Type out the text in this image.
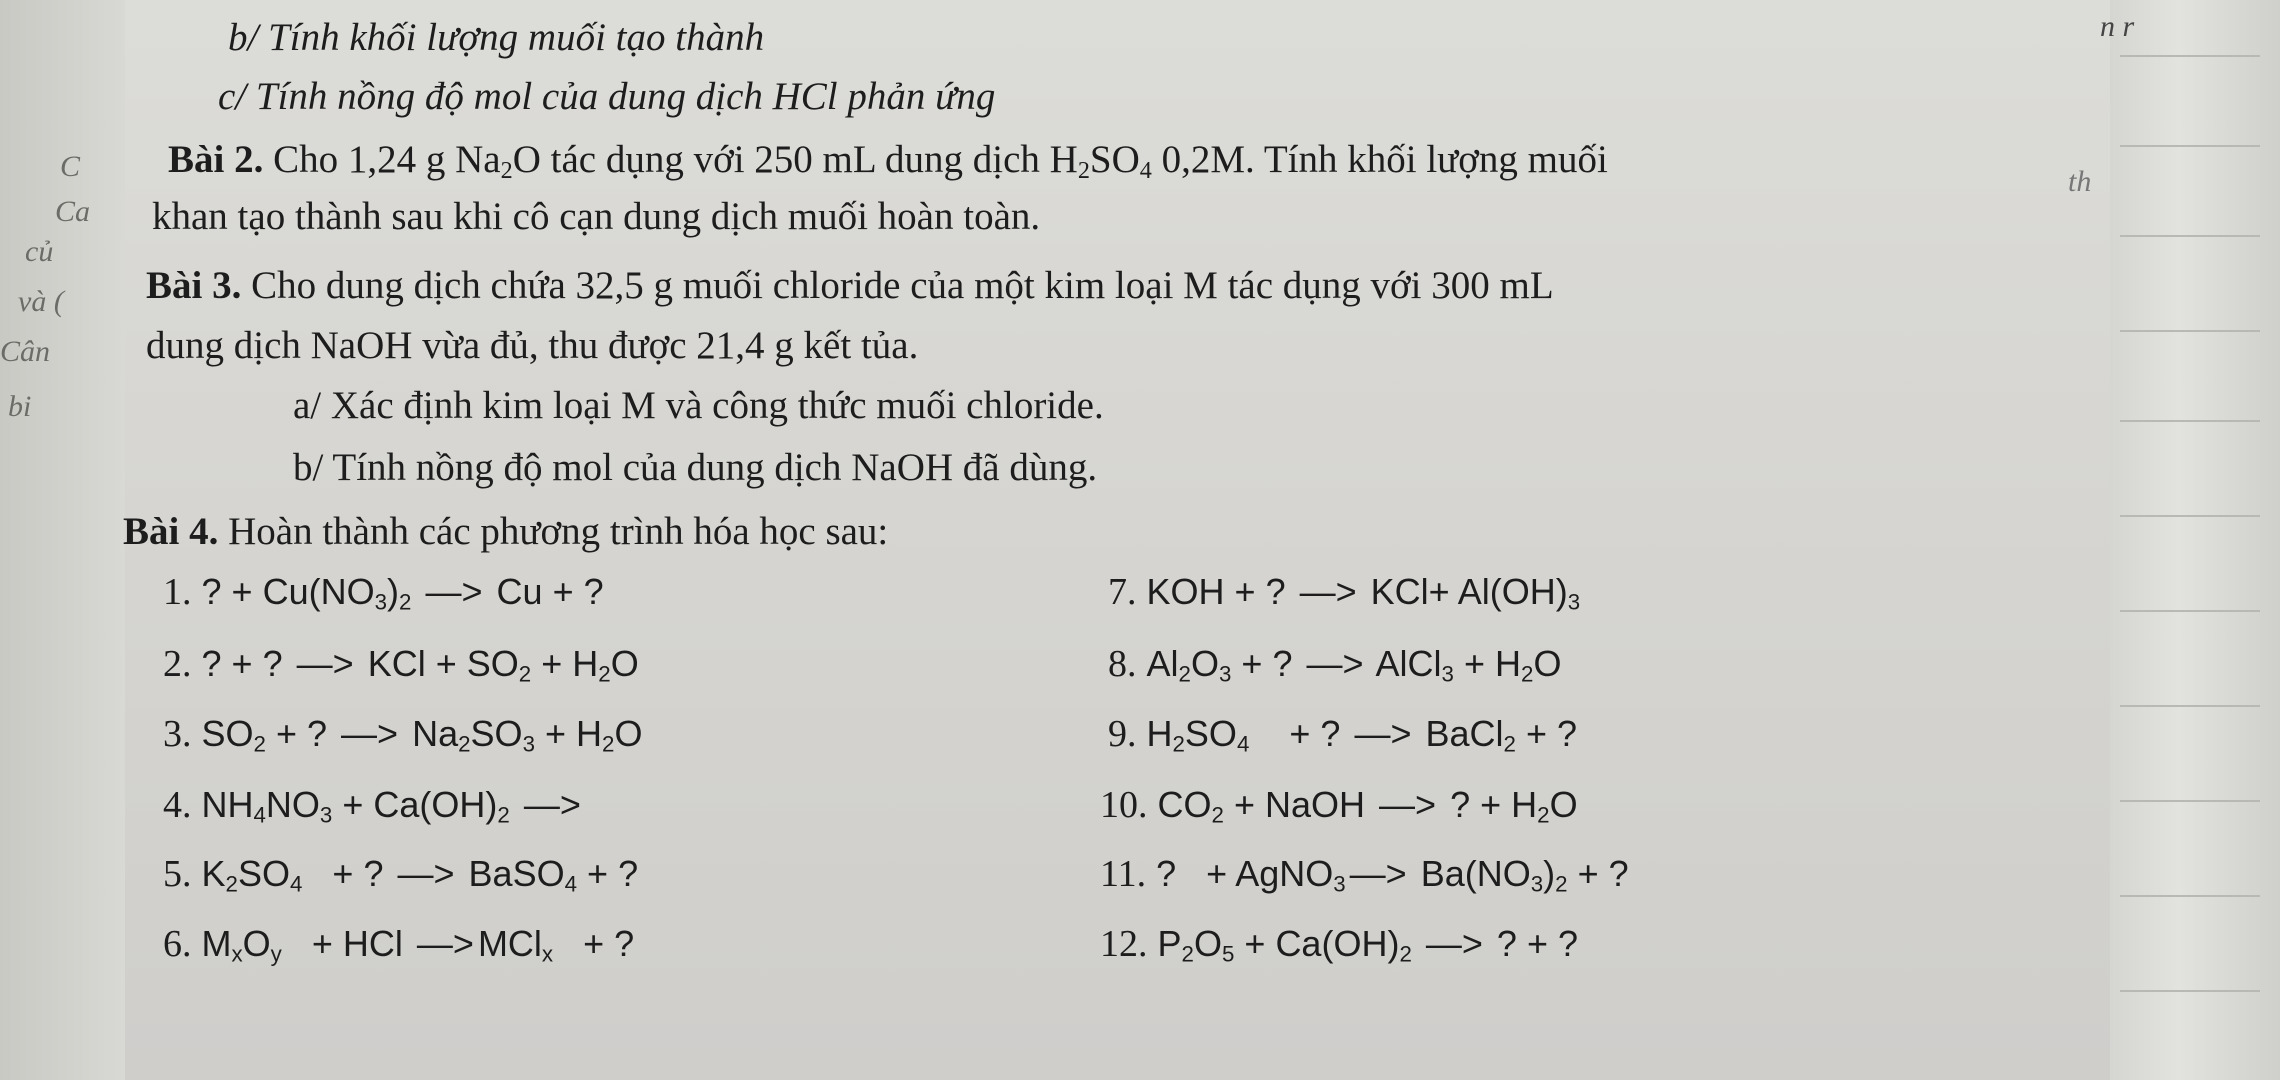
C
Ca
củ
và (
Cân
bi
n r
th
b/ Tính khối lượng muối tạo thành
c/ Tính nồng độ mol của dung dịch HCl phản ứng
Bài 2. Cho 1,24 g $Na_2O$ tác dụng với 250 mL dung dịch $H_2SO_4$ 0,2M. Tính khối lượng muối
khan tạo thành sau khi cô cạn dung dịch muối hoàn toàn.
Bài 3. Cho dung dịch chứa 32,5 g muối chloride của một kim loại M tác dụng với 300 mL
dung dịch NaOH vừa đủ, thu được 21,4 g kết tủa.
a/ Xác định kim loại M và công thức muối chloride.
b/ Tính nồng độ mol của dung dịch NaOH đã dùng.
Bài 4. Hoàn thành các phương trình hóa học sau:
1. ? + $Cu(NO_3)_2$ —> Cu + ?
2. ? + ? —> KCl + $SO_2 + H_2O$
3. $SO_2$ + ? —> $Na_2SO_3 + H_2O$
4. $NH_4NO_3 + Ca(OH)_2$ —>
5. $K_2SO_4$ + ? —> BaSO$_4$ + ?
6. $M_xO_y$ + HCl —> MCl$_x$ + ?
7. KOH + ? —> $KCl+ Al(OH)_3$
8. $Al_2O_3$ + ? —> AlCl$_3$ + $H_2O$
9. $H_2SO_4$ + ? —> BaCl$_2$ + ?
10. $CO_2$ + NaOH —> ? + $H_2O$
11. ? + AgNO$_3$ —> $Ba(NO_3)_2$ + ?
12. $P_2O_5 + Ca(OH)_2$ —> ? + ?
